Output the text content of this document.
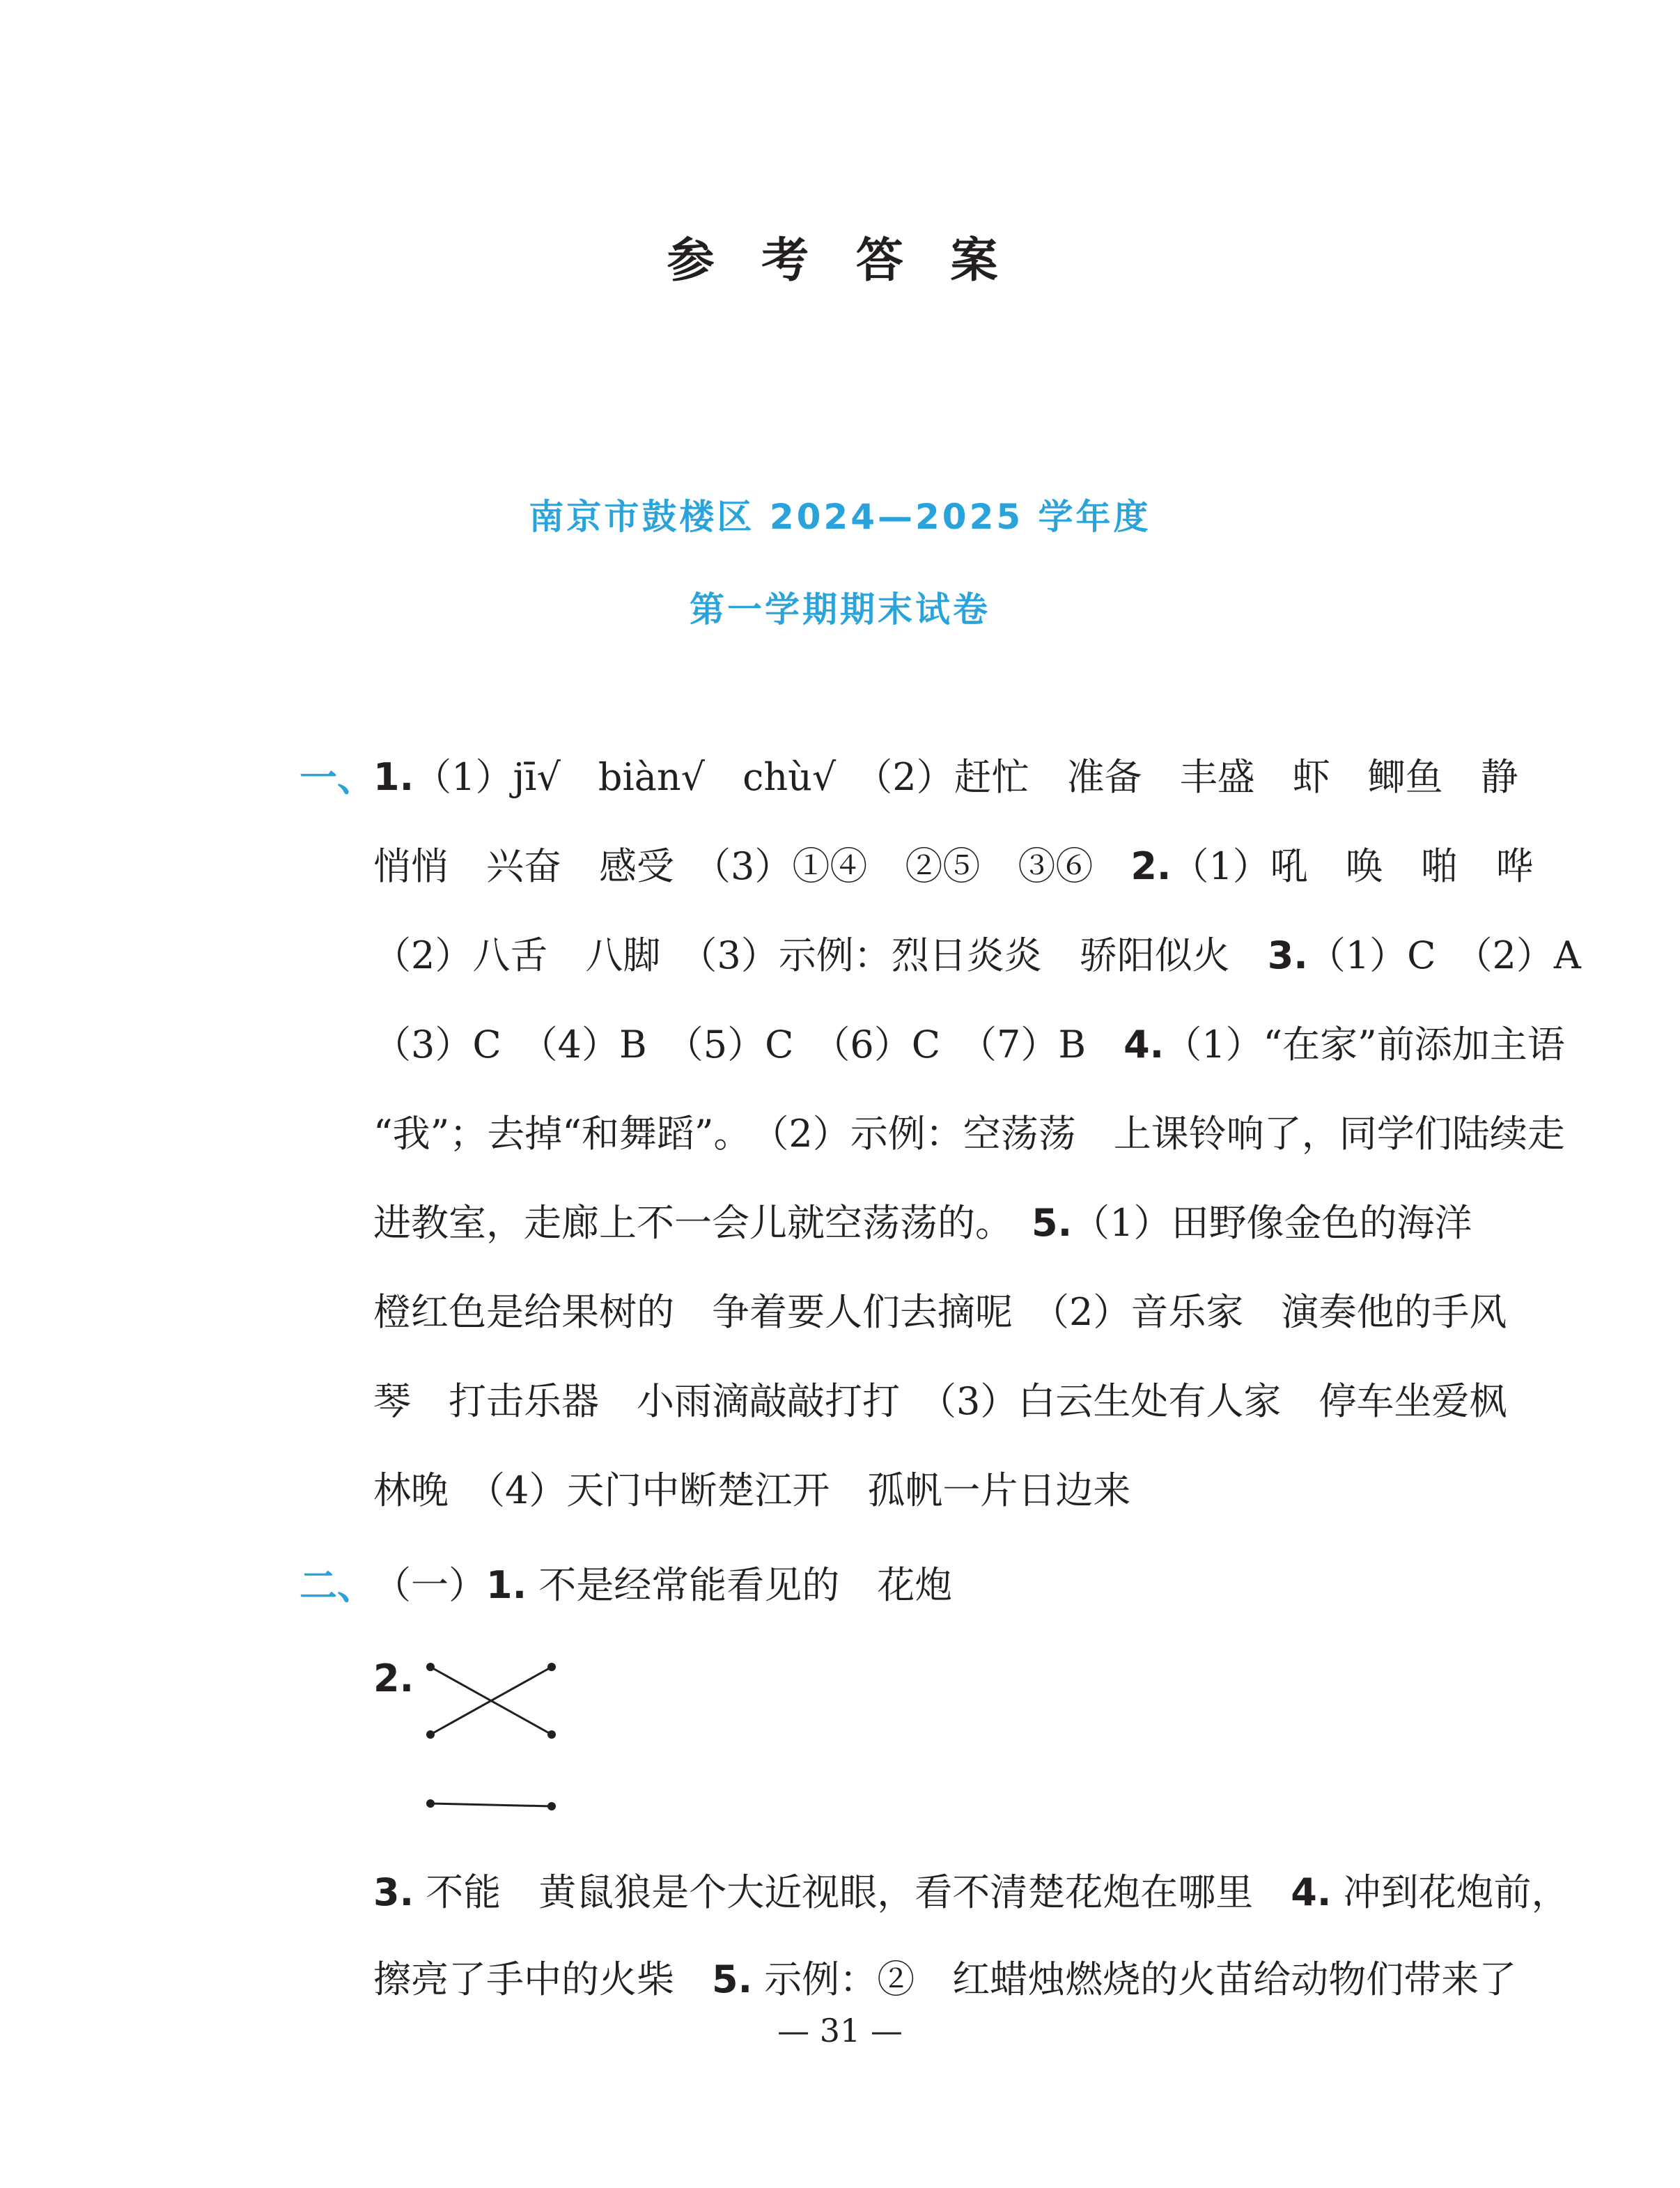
参 考 答 案
南京市鼓楼区 2024—2025 学年度
第一学期期末试卷
一、
1.（1）jī√　biàn√　chù√　（2）赶忙　准备　丰盛　虾　鲫鱼　静
悄悄　兴奋　感受　（3）①④　②⑤　③⑥　2.（1）吼　唤　啪　哗
（2）八舌　八脚　（3）示例：烈日炎炎　骄阳似火　3.（1）C　（2）A
（3）C　（4）B　（5）C　（6）C　（7）B　4.（1）“在家”前添加主语
“我”；去掉“和舞蹈”。　（2）示例：空荡荡　上课铃响了，同学们陆续走
进教室，走廊上不一会儿就空荡荡的。　5.（1）田野像金色的海洋
橙红色是给果树的　争着要人们去摘呢　（2）音乐家　演奏他的手风
琴　打击乐器　小雨滴敲敲打打　（3）白云生处有人家　停车坐爱枫
林晚　（4）天门中断楚江开　孤帆一片日边来
二、
（一）1. 不是经常能看见的　花炮
2.
3. 不能　黄鼠狼是个大近视眼，看不清楚花炮在哪里　4. 冲到花炮前，
擦亮了手中的火柴　5. 示例：②　红蜡烛燃烧的火苗给动物们带来了
— 31 —
